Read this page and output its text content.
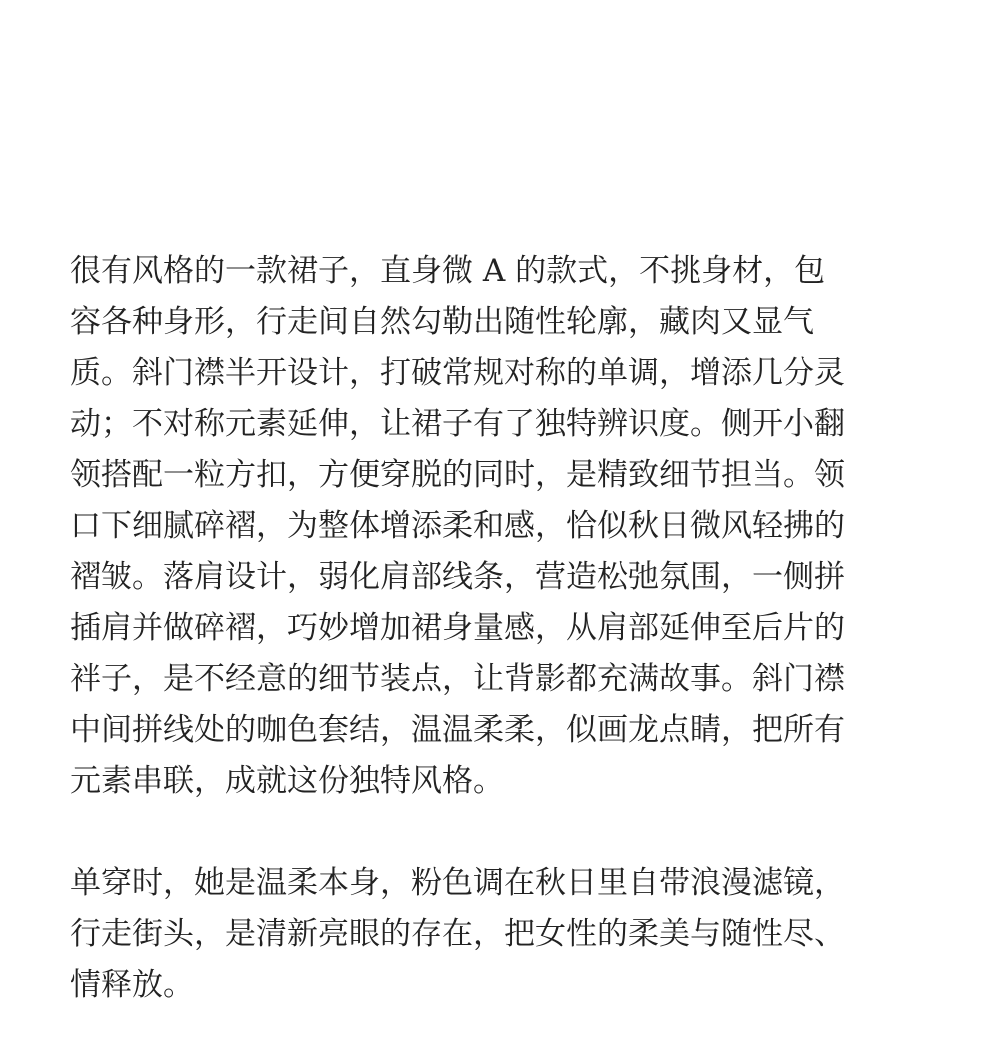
很有风格的一款裙子，直身微 A 的款式，不挑身材，包
容各种身形，行走间自然勾勒出随性轮廓，藏肉又显气
质。斜门襟半开设计，打破常规对称的单调，增添几分灵
动；不对称元素延伸，让裙子有了独特辨识度。侧开小翻
领搭配一粒方扣，方便穿脱的同时，是精致细节担当。领
口下细腻碎褶，为整体增添柔和感，恰似秋日微风轻拂的
褶皱。落肩设计，弱化肩部线条，营造松弛氛围，一侧拼
插肩并做碎褶，巧妙增加裙身量感，从肩部延伸至后片的
袢子，是不经意的细节装点，让背影都充满故事。斜门襟
中间拼线处的咖色套结，温温柔柔，似画龙点睛，把所有
元素串联，成就这份独特风格。
单穿时，她是温柔本身，粉色调在秋日里自带浪漫滤镜，
行走街头，是清新亮眼的存在，把女性的柔美与随性尽、
情释放。
